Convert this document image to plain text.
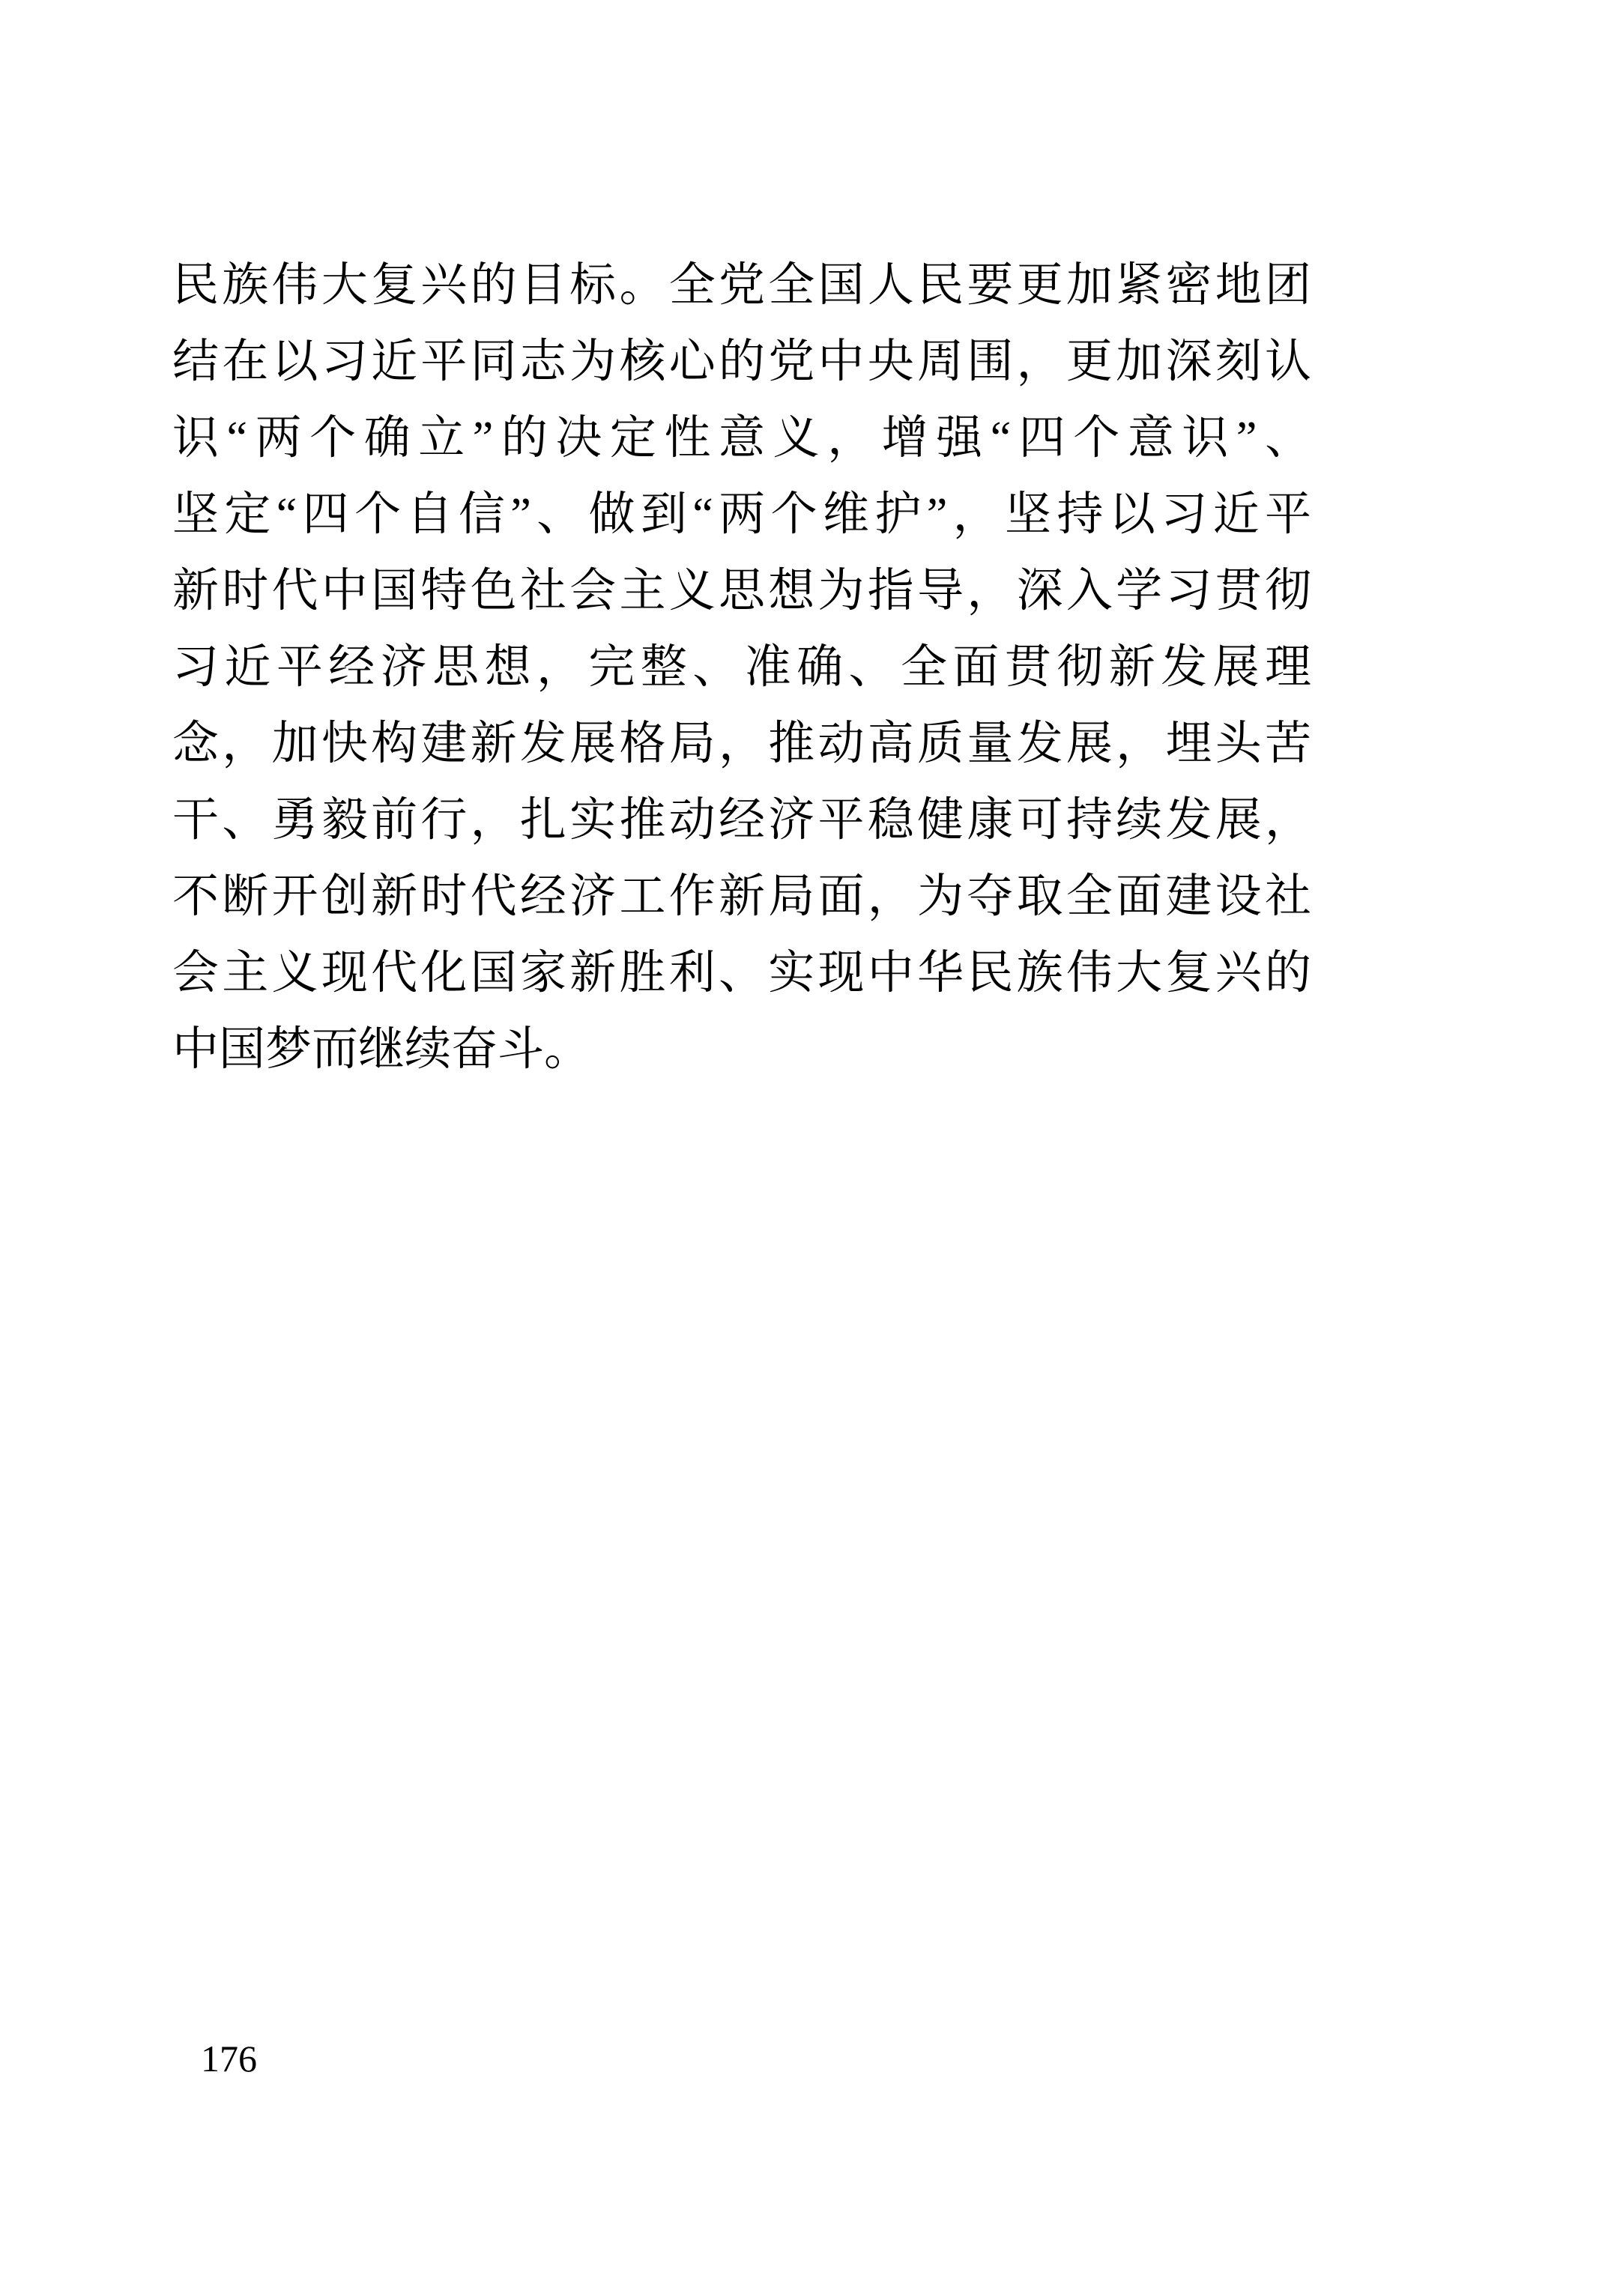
民族伟大复兴的目标。全党全国人民要更加紧密地团
结在以习近平同志为核心的党中央周围，更加深刻认
识“两个确立”的决定性意义，增强“四个意识”、
坚定“四个自信”、做到“两个维护”，坚持以习近平
新时代中国特色社会主义思想为指导，深入学习贯彻
习近平经济思想，完整、准确、全面贯彻新发展理
念，加快构建新发展格局，推动高质量发展，埋头苦
干、勇毅前行，扎实推动经济平稳健康可持续发展，
不断开创新时代经济工作新局面，为夺取全面建设社
会主义现代化国家新胜利、实现中华民族伟大复兴的
中国梦而继续奋斗。
176
